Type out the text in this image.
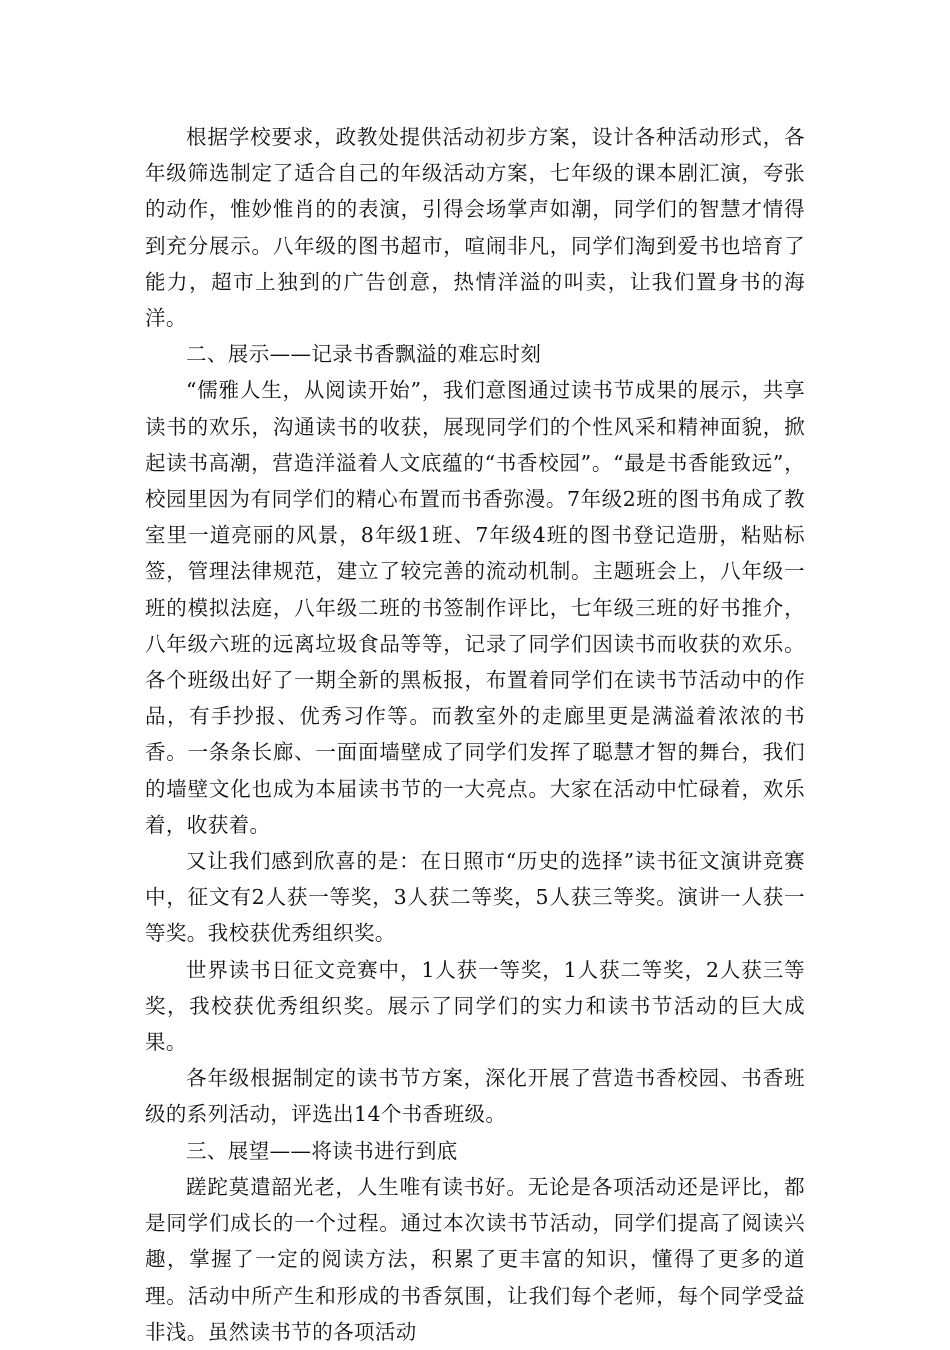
根据学校要求，政教处提供活动初步方案，设计各种活动形式，各年级筛选制定了适合自己的年级活动方案，七年级的课本剧汇演，夸张的动作，惟妙惟肖的的表演，引得会场掌声如潮，同学们的智慧才情得到充分展示。八年级的图书超市，喧闹非凡，同学们淘到爱书也培育了能力，超市上独到的广告创意，热情洋溢的叫卖，让我们置身书的海洋。

二、展示——记录书香飘溢的难忘时刻

“儒雅人生，从阅读开始”，我们意图通过读书节成果的展示，共享读书的欢乐，沟通读书的收获，展现同学们的个性风采和精神面貌，掀起读书高潮，营造洋溢着人文底蕴的“书香校园”。“最是书香能致远”，校园里因为有同学们的精心布置而书香弥漫。7年级2班的图书角成了教室里一道亮丽的风景，8年级1班、7年级4班的图书登记造册，粘贴标签，管理法律规范，建立了较完善的流动机制。主题班会上，八年级一班的模拟法庭，八年级二班的书签制作评比，七年级三班的好书推介，八年级六班的远离垃圾食品等等，记录了同学们因读书而收获的欢乐。各个班级出好了一期全新的黑板报，布置着同学们在读书节活动中的作品，有手抄报、优秀习作等。而教室外的走廊里更是满溢着浓浓的书香。一条条长廊、一面面墙壁成了同学们发挥了聪慧才智的舞台，我们的墙壁文化也成为本届读书节的一大亮点。大家在活动中忙碌着，欢乐着，收获着。

又让我们感到欣喜的是：在日照市“历史的选择”读书征文演讲竞赛中，征文有2人获一等奖，3人获二等奖，5人获三等奖。演讲一人获一等奖。我校获优秀组织奖。

世界读书日征文竞赛中，1人获一等奖，1人获二等奖，2人获三等奖，我校获优秀组织奖。展示了同学们的实力和读书节活动的巨大成果。

各年级根据制定的读书节方案，深化开展了营造书香校园、书香班级的系列活动，评选出14个书香班级。

三、展望——将读书进行到底

蹉跎莫遣韶光老，人生唯有读书好。无论是各项活动还是评比，都是同学们成长的一个过程。通过本次读书节活动，同学们提高了阅读兴趣，掌握了一定的阅读方法，积累了更丰富的知识，懂得了更多的道理。活动中所产生和形成的书香氛围，让我们每个老师，每个同学受益非浅。虽然读书节的各项活动
